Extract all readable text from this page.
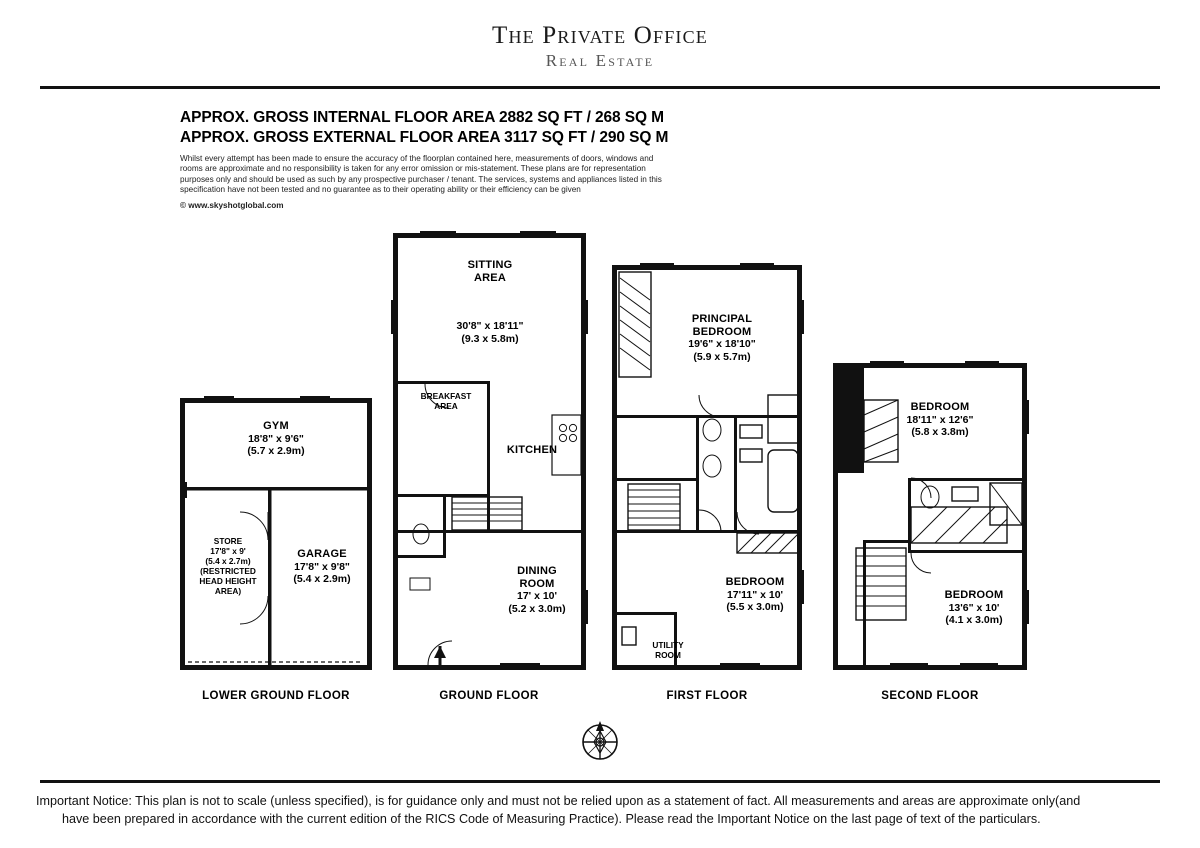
The Private Office
Real Estate
APPROX. GROSS INTERNAL FLOOR AREA 2882 SQ FT / 268 SQ M
APPROX. GROSS EXTERNAL FLOOR AREA 3117 SQ FT / 290 SQ M
Whilst every attempt has been made to ensure the accuracy of the floorplan contained here, measurements of doors, windows and rooms are approximate and no responsibility is taken for any error omission or mis-statement. These plans are for representation purposes only and should be used as such by any prospective purchaser / tenant. The services, systems and appliances listed in this specification have not been tested and no guarantee as to their operating ability or their efficiency can be given
© www.skyshotglobal.com
GYM
18'8" x 9'6"
(5.7 x 2.9m)
STORE
17'8" x 9'
(5.4 x 2.7m)
(RESTRICTED
HEAD HEIGHT
AREA)
GARAGE
17'8" x 9'8"
(5.4 x 2.9m)
SITTING
AREA
30'8" x 18'11"
(9.3 x 5.8m)
BREAKFAST
AREA
KITCHEN
DINING
ROOM
17' x 10'
(5.2 x 3.0m)
PRINCIPAL
BEDROOM
19'6" x 18'10"
(5.9 x 5.7m)
BEDROOM
17'11" x 10'
(5.5 x 3.0m)
UTILITY
ROOM
BEDROOM
18'11" x 12'6"
(5.8 x 3.8m)
BEDROOM
13'6" x 10'
(4.1 x 3.0m)
LOWER GROUND FLOOR	GROUND FLOOR	FIRST FLOOR	SECOND FLOOR
Important Notice: This plan is not to scale (unless specified), is for guidance only and must not be relied upon as a statement of fact. All measurements and areas are approximate only(and
have been prepared in accordance with the current edition of the RICS Code of Measuring Practice). Please read the Important Notice on the last page of text of the particulars.
